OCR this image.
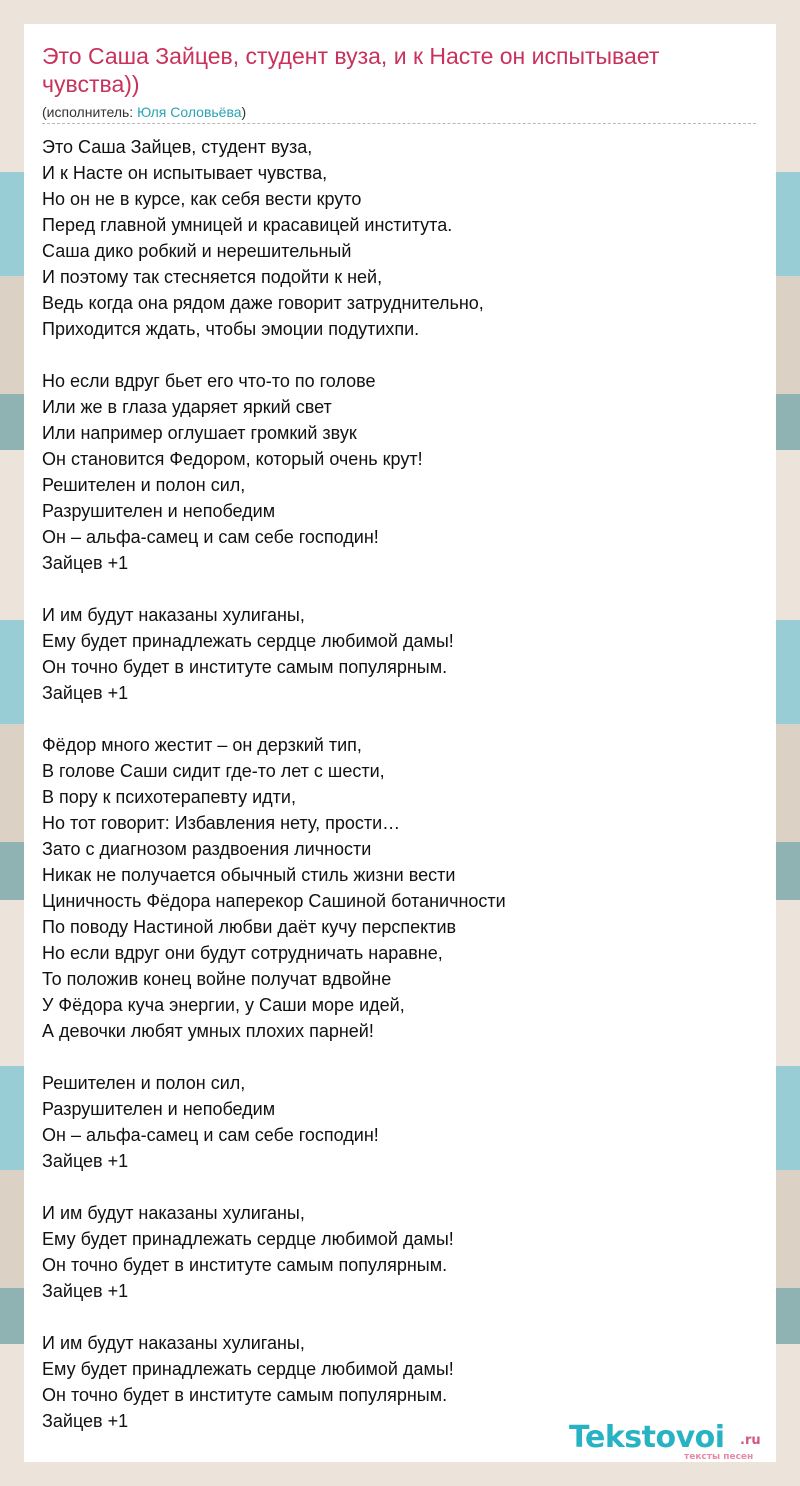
Это Саша Зайцев, студент вуза, и к Насте он испытывает чувства))
(исполнитель: Юля Соловьёва)
Это Саша Зайцев, студент вуза,
И к Насте он испытывает чувства,
Но он не в курсе, как себя вести круто
Перед главной умницей и красавицей института.
Саша дико робкий и нерешительный
И поэтому так стесняется подойти к ней,
Ведь когда она рядом даже говорит затруднительно,
Приходится ждать, чтобы эмоции подутихпи.
Но если вдруг бьет его что-то по голове
Или же в глаза ударяет яркий свет
Или например оглушает громкий звук
Он становится Федором, который очень крут!
Решителен и полон сил,
Разрушителен и непобедим
Он – альфа-самец и сам себе господин!
Зайцев +1
И им будут наказаны хулиганы,
Ему будет принадлежать сердце любимой дамы!
Он точно будет в институте самым популярным.
Зайцев +1
Фёдор много жестит – он дерзкий тип,
В голове Саши сидит где-то лет с шести,
В пору к психотерапевту идти,
Но тот говорит: Избавления нету, прости…
Зато с диагнозом раздвоения личности
Никак не получается обычный стиль жизни вести
Циничность Фёдора наперекор Сашиной ботаничности
По поводу Настиной любви даёт кучу перспектив
Но если вдруг они будут сотрудничать наравне,
То положив конец войне получат вдвойне
У Фёдора куча энергии, у Саши море идей,
А девочки любят умных плохих парней!
Решителен и полон сил,
Разрушителен и непобедим
Он – альфа-самец и сам себе господин!
Зайцев +1
И им будут наказаны хулиганы,
Ему будет принадлежать сердце любимой дамы!
Он точно будет в институте самым популярным.
Зайцев +1
И им будут наказаны хулиганы,
Ему будет принадлежать сердце любимой дамы!
Он точно будет в институте самым популярным.
Зайцев +1	Tekstovoi .ru
тексты песен
